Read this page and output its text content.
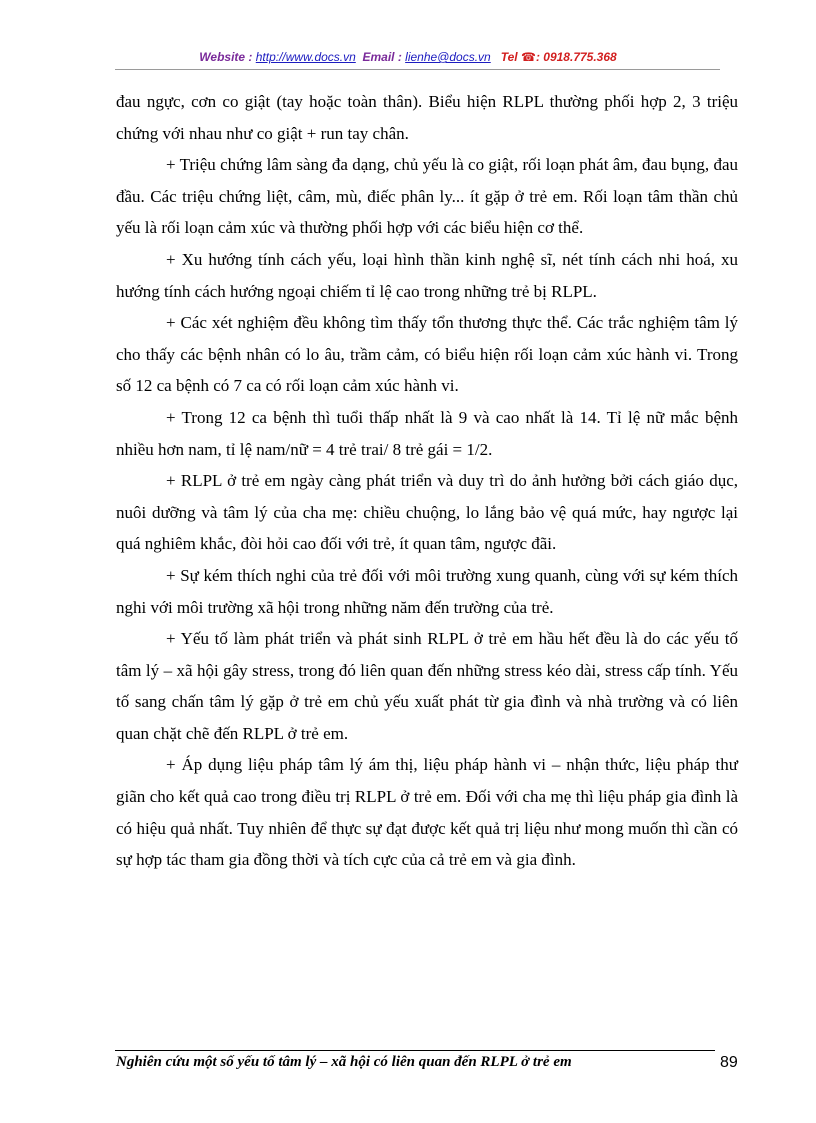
Website : http://www.docs.vn Email : lienhe@docs.vn Tel ☎: 0918.775.368

đau ngực, cơn co giật (tay hoặc toàn thân). Biểu hiện RLPL thường phối hợp 2, 3 triệu chứng với nhau như co giật + run tay chân.

+ Triệu chứng lâm sàng đa dạng, chủ yếu là co giật, rối loạn phát âm, đau bụng, đau đầu. Các triệu chứng liệt, câm, mù, điếc phân ly... ít gặp ở trẻ em. Rối loạn tâm thần chủ yếu là rối loạn cảm xúc và thường phối hợp với các biểu hiện cơ thể.

+ Xu hướng tính cách yếu, loại hình thần kinh nghệ sĩ, nét tính cách nhi hoá, xu hướng tính cách hướng ngoại chiếm tỉ lệ cao trong những trẻ bị RLPL.

+ Các xét nghiệm đều không tìm thấy tổn thương thực thể. Các trắc nghiệm tâm lý cho thấy các bệnh nhân có lo âu, trầm cảm, có biểu hiện rối loạn cảm xúc hành vi. Trong số 12 ca bệnh có 7 ca có rối loạn cảm xúc hành vi.

+ Trong 12 ca bệnh thì tuổi thấp nhất là 9 và cao nhất là 14. Tỉ lệ nữ mắc bệnh nhiều hơn nam, tỉ lệ nam/nữ = 4 trẻ trai/ 8 trẻ gái = 1/2.

+ RLPL ở trẻ em ngày càng phát triển và duy trì do ảnh hưởng bởi cách giáo dục, nuôi dưỡng và tâm lý của cha mẹ: chiều chuộng, lo lắng bảo vệ quá mức, hay ngược lại quá nghiêm khắc, đòi hỏi cao đối với trẻ, ít quan tâm, ngược đãi.

+ Sự kém thích nghi của trẻ đối với môi trường xung quanh, cùng với sự kém thích nghi với môi trường xã hội trong những năm đến trường của trẻ.

+ Yếu tố làm phát triển và phát sinh RLPL ở trẻ em hầu hết đều là do các yếu tố tâm lý – xã hội gây stress, trong đó liên quan đến những stress kéo dài, stress cấp tính. Yếu tố sang chấn tâm lý gặp ở trẻ em chủ yếu xuất phát từ gia đình và nhà trường và có liên quan chặt chẽ đến RLPL ở trẻ em.

+ Áp dụng liệu pháp tâm lý ám thị, liệu pháp hành vi – nhận thức, liệu pháp thư giãn cho kết quả cao trong điều trị RLPL ở trẻ em. Đối với cha mẹ thì liệu pháp gia đình là có hiệu quả nhất. Tuy nhiên để thực sự đạt được kết quả trị liệu như mong muốn thì cần có sự hợp tác tham gia đồng thời và tích cực của cả trẻ em và gia đình.

Nghiên cứu một số yếu tố tâm lý – xã hội có liên quan đến RLPL ở trẻ em	89
